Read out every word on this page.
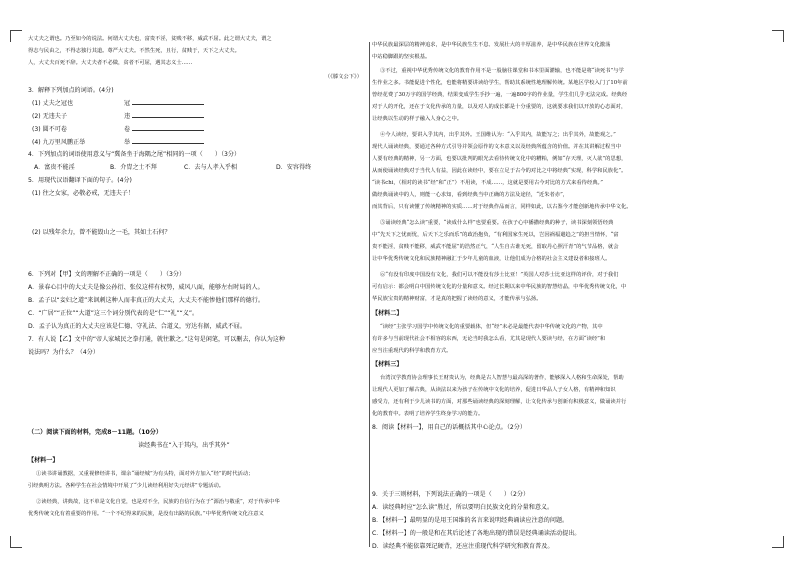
大丈夫之谓也。乃至如今的说法。何谓大丈夫也，富贵不淫，贫贱不移，威武不屈。此之谓大丈夫，谓之
得志与民由之，不得志独行其道。尊严大丈夫。不然生死，且行，贫贱于，天下之大丈夫。
人，大丈夫百死不辞。大丈夫者不必做，贫者不可屈，遇其志义士……
（《滕文公下》）
3．解释下列加点的词语。(4分)
(1) 丈夫之冠也	冠
(2) 无违夫子	违
(3) 圆不可卷	卷
(4) 九万里风鹏正举	举
4．下列加点的词语使用意义与“冀备坐于海隅之尾”相同的一项（　　）（3分）
A．富贵不能淫	B．介胄之士不拜	C．去与人孝入乎相	D．安容得终
5．用现代汉语翻译下面的句子。(4分)
(1) 往之女家，必敬必戒，无违夫子！
(2) 以残年余力，曾不能毁山之一毛，其如土石何？
6．下列对【甲】文的理解不正确的一项是（　　）（3分）
A．景春心目中的大丈夫是像公孙衍、张仪这样有权势，威风八面，能够左右时局的人。
B．孟子以“妾妇之道”来讽刺这种人而非真正的大丈夫，大丈夫不能惨他们那样的德行。
C．“广居”“正位”“大道”这三个词分别代表的是“仁”“礼”“义”。
D．孟子认为真正的大丈夫应该是仁德、守礼法、合道义，穷达有据，威武不屈。
7．有人说【乙】文中的“帝人家城民之拳打通，就往歉之。”这句是闲笔，可以删去，你认为这种
说法吗？为什么？（4分）
（二）阅读下面的材料，完成8－11题。（10分）
读经典书在“入于其内，出乎其外”
【材料一】
①读书讲诵教据，又重视修经讲书，课余“诵经城”为有头特，面对外方加入“经”的时代活动；
引经典明方法。各种学生在社会情境中开展了“少儿读经利用好失元经讲”专题活动。
②读经典，讲典故，这不单是文化自觉，也是对不全，民族的自信行为在于“源治与敬重”，对于传承中华
优秀传统文化有着重要的作用。“一个不纪得来的民族，是没有出路的民族。”中华优秀传统文化注意义
中华民族最深层的精神追求，是中华民族生生不息、发展壮大的丰厚滋养，是中华民族在世界文化激荡
中站稳脚跟的坚实根基。
③不过，重视中华优秀传统文化的教育作用不是一股脑往课堂和书本里面灌输，也不能是将“读死书”与学
生作业之多。书能促进个性化，也能将精要讲读给学生，帮助其系统性地理解传统。某地区学校入门了10年前
曾经花费了30万字的国学经典，结果变成学生手抄一遍，一遍800字的作业量，学生们几乎无法完成。经典经
对于人的开化，还在于文化传承的力量，以及对人的成长都是十分重要的，这就要求我们以开放的心态面对，
让经典以生动的样子融入人身心之中。
④今人读经，要讲入乎其内，出乎其外。王国维认为：“入乎其内，故能写之；出乎其外，故能观之。”
现代人诵读经典，要通过各种方式引导并领会原作的文本意义以及经典所蕴含的价值。并在其讲解过程当中
人要有经典的精神，另一方面，也要以批判的眼光去看待传统文化中的糟粕，例如“存天理，灭人欲”的思想，
从而使诵读经典对于当代人有益，因此在读经中，要在立足于古今的对比之中将经典“实现，科学和民族化”。
“读书chi，（相对的读书“经”和“正”）不用读，不成……，这就是要用古今对比的方式来看待经典。”
做经典诵读中的人，则能一心求知，看到经典当中正确的方法及途径，“近朱者赤”，
而其背后，只有读懂了传统精神的实质……对于经典作品而言，同样如此，以古鉴今才能创新地传承中华文化。
⑤诵读经典“怎么读”重要，“读成什么样”也要重要。在孩子心中播撒经典的种子，读书深刻领悟经典
中“先天下之忧而忧，后天下之乐而乐”的政治抱负，“有利国家生死以，岂因祸福避趋之”的担当情怀，“富
贵不能淫，贫贱不能移，威武不能屈”的浩然正气，“人生自古谁无死，留取丹心照汗青”的气节品格，就会
让中华优秀传统文化和民族精神融汇于少年儿童的血液，让他们成为合格的社会主义建设者和接班人。
⑥“有没有印度中国没有文化，我们可以不能没有莎士比亚！”英国人对莎士比亚这样的评价，对于我们
可有启示：都会明白中国传统文化的分量和意义。经过长期以来中华民族的智慧结晶，中华优秀传统文化，中
华民族宝贵的精神财富，才是真的把握了读经的意义，才能传承与弘扬。
【材料二】
“读经”主张学习国学中传统文化的重要载体，但“经”未必是最能代表中华传统文化的产物，其中
有许多与当前现代社会不相容的东西，无论当时我怎么看，尤其是现代人要读与经，在方面“读经”和
应当注重现代的科学和教育方式。
【材料三】
台湾汉学教育协会理事长王财贵认为，经典是古人智慧与最高深的著作，能够深入人格和生命深处，帮助
让现代人更加了解古典，从读法以来为孩子在传统中文化的培养，促进日华品人子女人格，有精神和知识
感受力，还有利于少儿读书的方面，对那些诵读经典的深刻理解，让文化传承与创新有积极意义，做诵读并行
化的教育中。表明了培养学生终身学习的能力。
8．阅读【材料一】，用自己的话概括其中心论点。（2分）
9．关于三则材料，下列说法正确的一项是（　　）（2分）
A．读经典时应“怎么读”胜过，所以要明白民族文化的分量和意义。
B．【材料一】最明显的是用王国维的名言来说明经典诵读应注意的问题。
C．【材料一】的一般是和在其后论述了各地出现的错误是经典诵读活动提出。
D．读经典不能依靠死记硬背，还应注重现代科学研究和教育普及。
